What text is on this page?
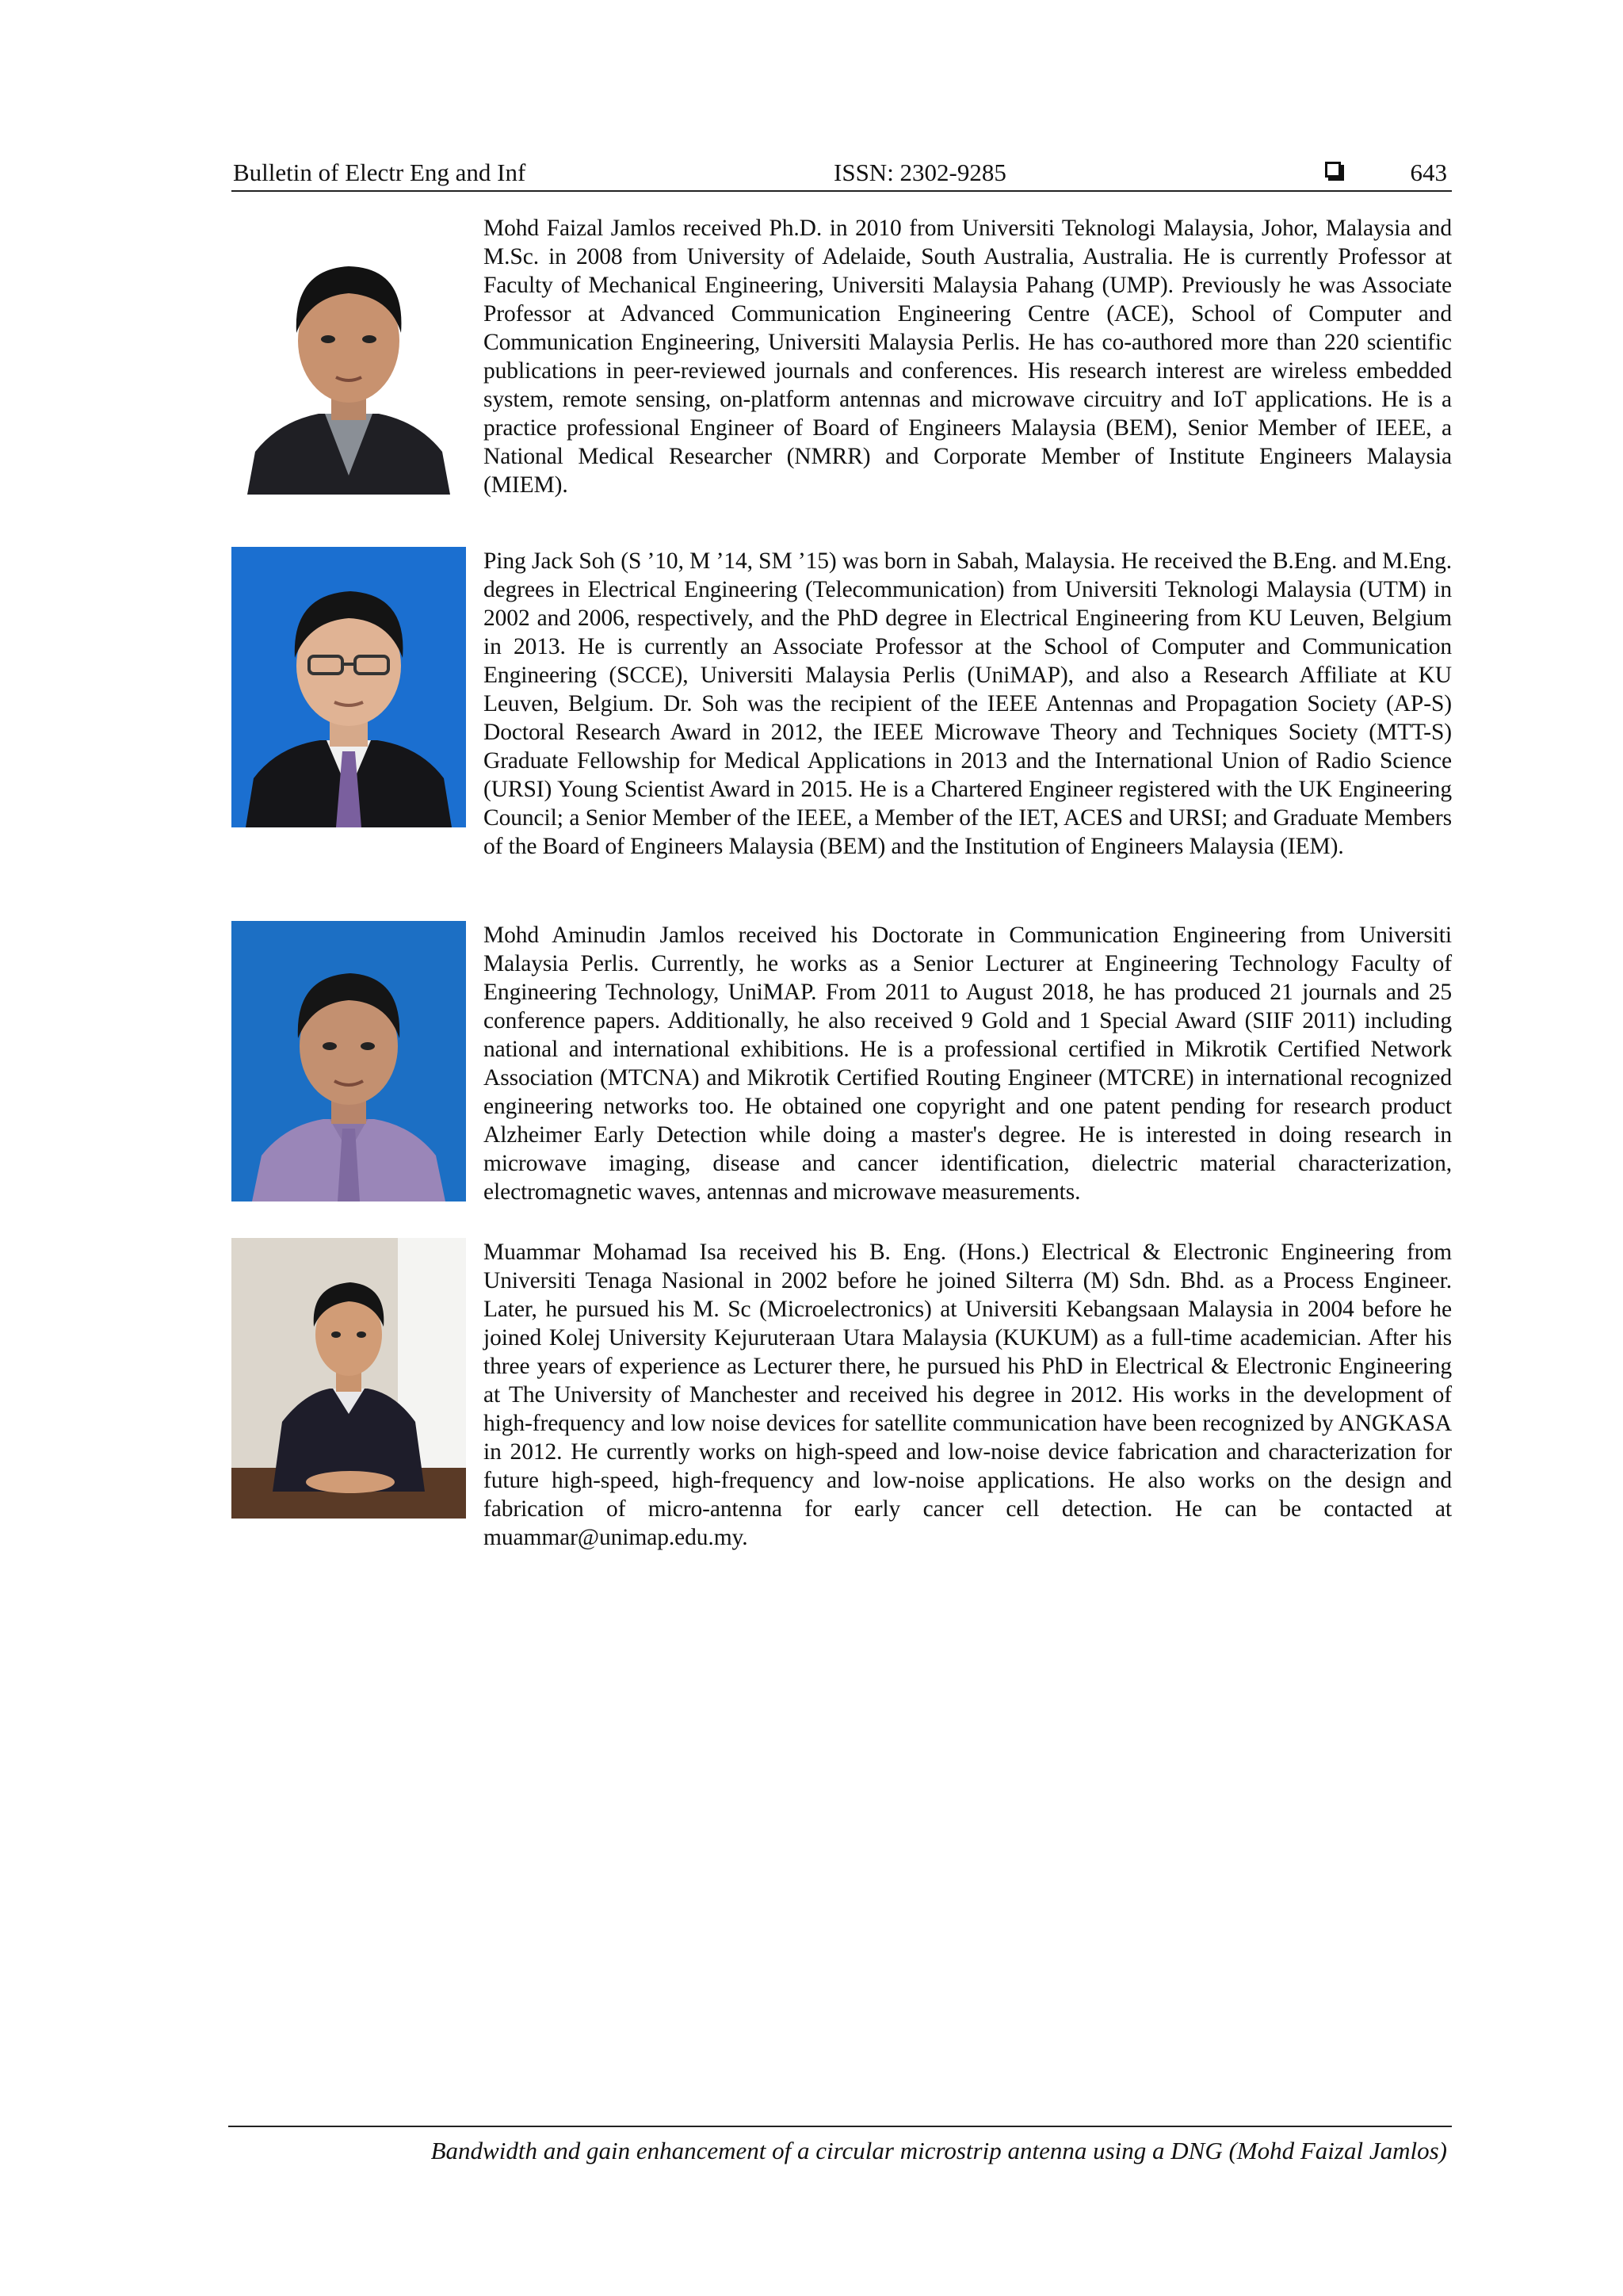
Bulletin of Electr Eng and Inf	ISSN: 2302-9285	643

Mohd Faizal Jamlos received Ph.D. in 2010 from Universiti Teknologi Malaysia, Johor, Malaysia and M.Sc. in 2008 from University of Adelaide, South Australia, Australia. He is currently Professor at Faculty of Mechanical Engineering, Universiti Malaysia Pahang (UMP). Previously he was Associate Professor at Advanced Communication Engineering Centre (ACE), School of Computer and Communication Engineering, Universiti Malaysia Perlis. He has co-authored more than 220 scientific publications in peer-reviewed journals and conferences. His research interest are wireless embedded system, remote sensing, on-platform antennas and microwave circuitry and IoT applications. He is a practice professional Engineer of Board of Engineers Malaysia (BEM), Senior Member of IEEE, a National Medical Researcher (NMRR) and Corporate Member of Institute Engineers Malaysia (MIEM).

Ping Jack Soh (S ’10, M ’14, SM ’15) was born in Sabah, Malaysia. He received the B.Eng. and M.Eng. degrees in Electrical Engineering (Telecommunication) from Universiti Teknologi Malaysia (UTM) in 2002 and 2006, respectively, and the PhD degree in Electrical Engineering from KU Leuven, Belgium in 2013. He is currently an Associate Professor at the School of Computer and Communication Engineering (SCCE), Universiti Malaysia Perlis (UniMAP), and also a Research Affiliate at KU Leuven, Belgium. Dr. Soh was the recipient of the IEEE Antennas and Propagation Society (AP-S) Doctoral Research Award in 2012, the IEEE Microwave Theory and Techniques Society (MTT-S) Graduate Fellowship for Medical Applications in 2013 and the International Union of Radio Science (URSI) Young Scientist Award in 2015. He is a Chartered Engineer registered with the UK Engineering Council; a Senior Member of the IEEE, a Member of the IET, ACES and URSI; and Graduate Members of the Board of Engineers Malaysia (BEM) and the Institution of Engineers Malaysia (IEM).

Mohd Aminudin Jamlos received his Doctorate in Communication Engineering from Universiti Malaysia Perlis. Currently, he works as a Senior Lecturer at Engineering Technology Faculty of Engineering Technology, UniMAP. From 2011 to August 2018, he has produced 21 journals and 25 conference papers. Additionally, he also received 9 Gold and 1 Special Award (SIIF 2011) including national and international exhibitions. He is a professional certified in Mikrotik Certified Network Association (MTCNA) and Mikrotik Certified Routing Engineer (MTCRE) in international recognized engineering networks too. He obtained one copyright and one patent pending for research product Alzheimer Early Detection while doing a master's degree. He is interested in doing research in microwave imaging, disease and cancer identification, dielectric material characterization, electromagnetic waves, antennas and microwave measurements.

Muammar Mohamad Isa received his B. Eng. (Hons.) Electrical & Electronic Engineering from Universiti Tenaga Nasional in 2002 before he joined Silterra (M) Sdn. Bhd. as a Process Engineer. Later, he pursued his M. Sc (Microelectronics) at Universiti Kebangsaan Malaysia in 2004 before he joined Kolej University Kejuruteraan Utara Malaysia (KUKUM) as a full-time academician. After his three years of experience as Lecturer there, he pursued his PhD in Electrical & Electronic Engineering at The University of Manchester and received his degree in 2012. His works in the development of high-frequency and low noise devices for satellite communication have been recognized by ANGKASA in 2012. He currently works on high-speed and low-noise device fabrication and characterization for future high-speed, high-frequency and low-noise applications. He also works on the design and fabrication of micro-antenna for early cancer cell detection. He can be contacted at muammar@unimap.edu.my.

Bandwidth and gain enhancement of a circular microstrip antenna using a DNG (Mohd Faizal Jamlos)
